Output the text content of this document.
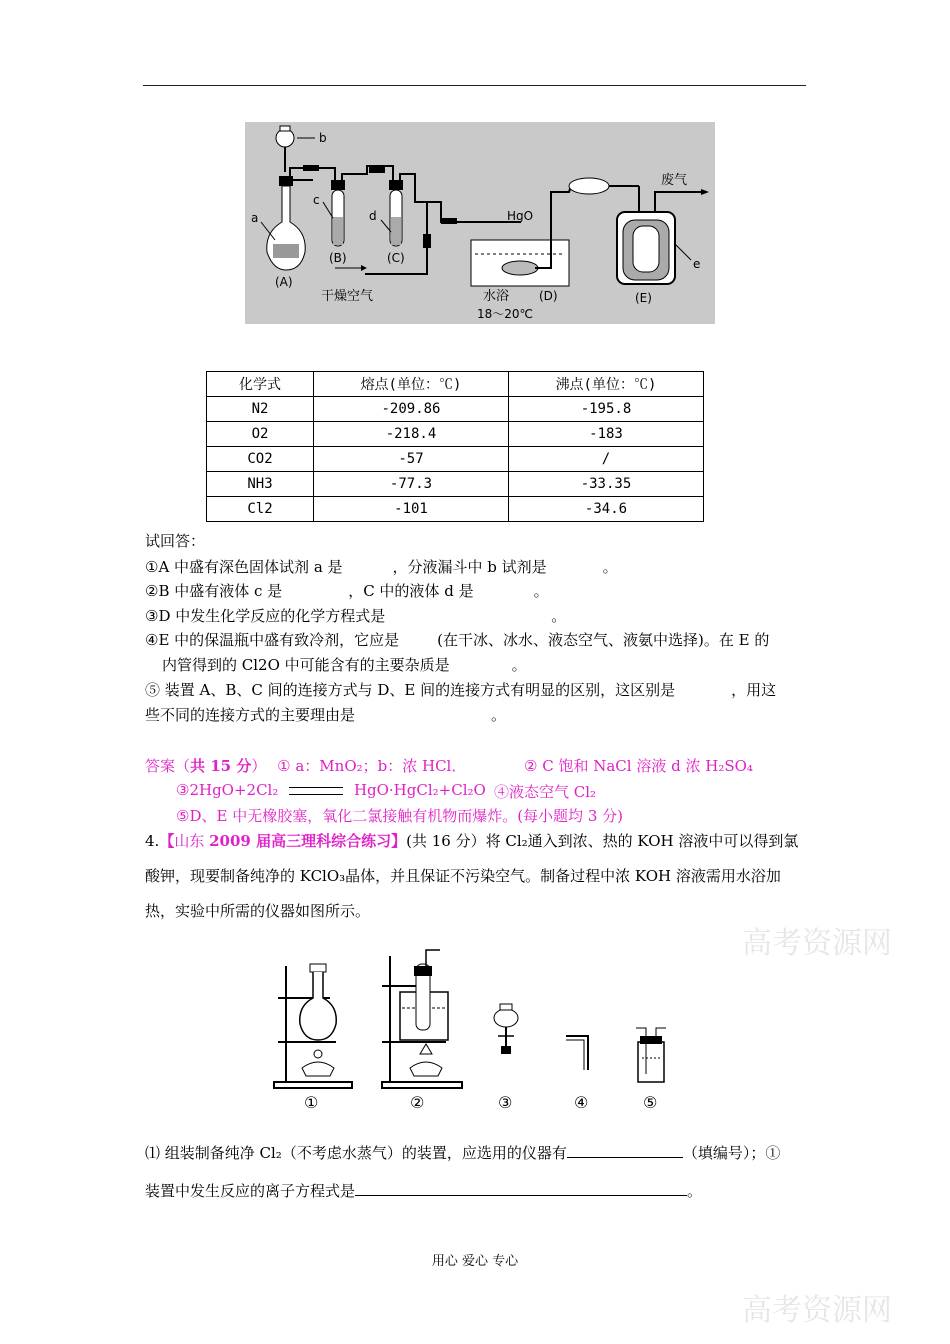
b
a
(A)
c
(B)
d
(C)
干燥空气
HgO
水浴 (D)
18～20℃
废气
e
(E)
化学式	熔点(单位：℃)	沸点(单位：℃)
N2	-209.86	-195.8
O2	-218.4	-183
CO2	-57	/
NH3	-77.3	-33.35
Cl2	-101	-34.6
试回答：
①A 中盛有深色固体试剂 a 是	，分液漏斗中 b 试剂是	。
②B 中盛有液体 c 是	，C 中的液体 d 是	。
③D 中发生化学反应的化学方程式是	。
④E 中的保温瓶中盛有致冷剂，它应是	(在干冰、冰水、液态空气、液氨中选择)。在 E 的
内管得到的 Cl2O 中可能含有的主要杂质是	。
⑤ 装置 A、B、C 间的连接方式与 D、E 间的连接方式有明显的区别，这区别是	，用这
些不同的连接方式的主要理由是	。
答案（共 15 分） ① a：MnO₂；b：浓 HCl．	② C 饱和 NaCl 溶液 d 浓 H₂SO₄
③2HgO+2Cl₂	HgO·HgCl₂+Cl₂O ④液态空气 Cl₂
⑤D、E 中无橡胶塞，氧化二氯接触有机物而爆炸。(每小题均 3 分)
4.【山东 2009 届高三理科综合练习】(共 16 分）将 Cl₂通入到浓、热的 KOH 溶液中可以得到氯
酸钾，现要制备纯净的 KClO₃晶体，并且保证不污染空气。制备过程中浓 KOH 溶液需用水浴加
热，实验中所需的仪器如图所示。
①	②	③	④	⑤
⑴ 组装制备纯净 Cl₂（不考虑水蒸气）的装置，应选用的仪器有	（填编号）；①
装置中发生反应的离子方程式是	。
高考资源网
高考资源网
用心 爱心 专心
